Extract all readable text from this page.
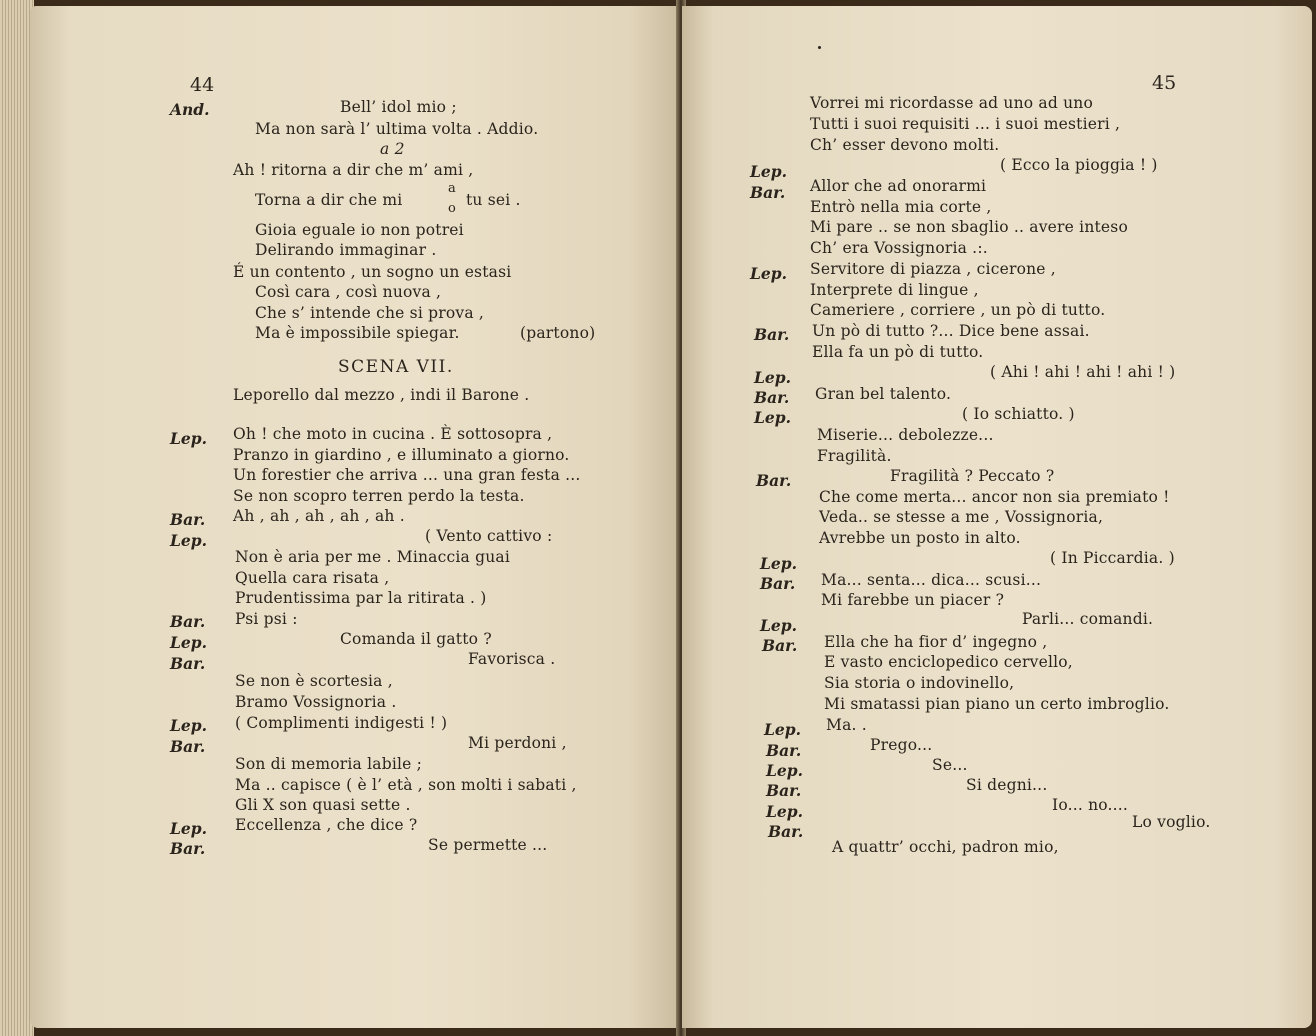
44
And.	Bell’ idol mio ;
Ma non sarà l’ ultima volta . Addio.
a 2
Ah ! ritorna a dir che m’ ami ,
Torna a dir che mi
a
o tu sei .
Gioia eguale io non potrei
Delirando immaginar .
É un contento , un sogno un estasi
Così cara , così nuova ,
Che s’ intende che si prova ,
Ma è impossibile spiegar.	(partono)
SCENA VII.
Leporello dal mezzo , indi il Barone .
Lep. Oh ! che moto in cucina . È sottosopra ,
Pranzo in giardino , e illuminato a giorno.
Un forestier che arriva ... una gran festa ...
Se non scopro terren perdo la testa.
Bar. Ah , ah , ah , ah , ah .
Lep.	( Vento cattivo :
Non è aria per me . Minaccia guai
Quella cara risata ,
Prudentissima par la ritirata . )
Bar. Psi psi :
Lep.	Comanda il gatto ?
Bar.	Favorisca .
Se non è scortesia ,
Bramo Vossignoria .
Lep. ( Complimenti indigesti ! )
Bar.	Mi perdoni ,
Son di memoria labile ;
Ma .. capisce ( è l’ età , son molti i sabati ,
Gli X son quasi sette .
Lep. Eccellenza , che dice ?
Bar.	Se permette ...
45
Vorrei mi ricordasse ad uno ad uno
Tutti i suoi requisiti ... i suoi mestieri ,
Ch’ esser devono molti.
Lep.	( Ecco la pioggia ! )
Bar. Allor che ad onorarmi
Entrò nella mia corte ,
Mi pare .. se non sbaglio .. avere inteso
Ch’ era Vossignoria .:.
Lep. Servitore di piazza , cicerone ,
Interprete di lingue ,
Cameriere , corriere , un pò di tutto.
Bar. Un pò di tutto ?... Dice bene assai.
Ella fa un pò di tutto.
Lep.	( Ahi ! ahi ! ahi ! ahi ! )
Bar. Gran bel talento.
Lep.	( Io schiatto. )
Miserie... debolezze...
Fragilità.
Bar.	Fragilità ? Peccato ?
Che come merta... ancor non sia premiato !
Veda.. se stesse a me , Vossignoria,
Avrebbe un posto in alto.
Lep.	( In Piccardia. )
Bar. Ma... senta... dica... scusi...
Mi farebbe un piacer ?
Lep.	Parli... comandi.
Bar. Ella che ha fior d’ ingegno ,
E vasto enciclopedico cervello,
Sia storia o indovinello,
Mi smatassi pian piano un certo imbroglio.
Lep. Ma. .
Bar.	Prego...
Lep.	Se...
Bar.	Si degni...
Lep.	Io... no....
Bar.	Lo voglio.
A quattr’ occhi, padron mio,
